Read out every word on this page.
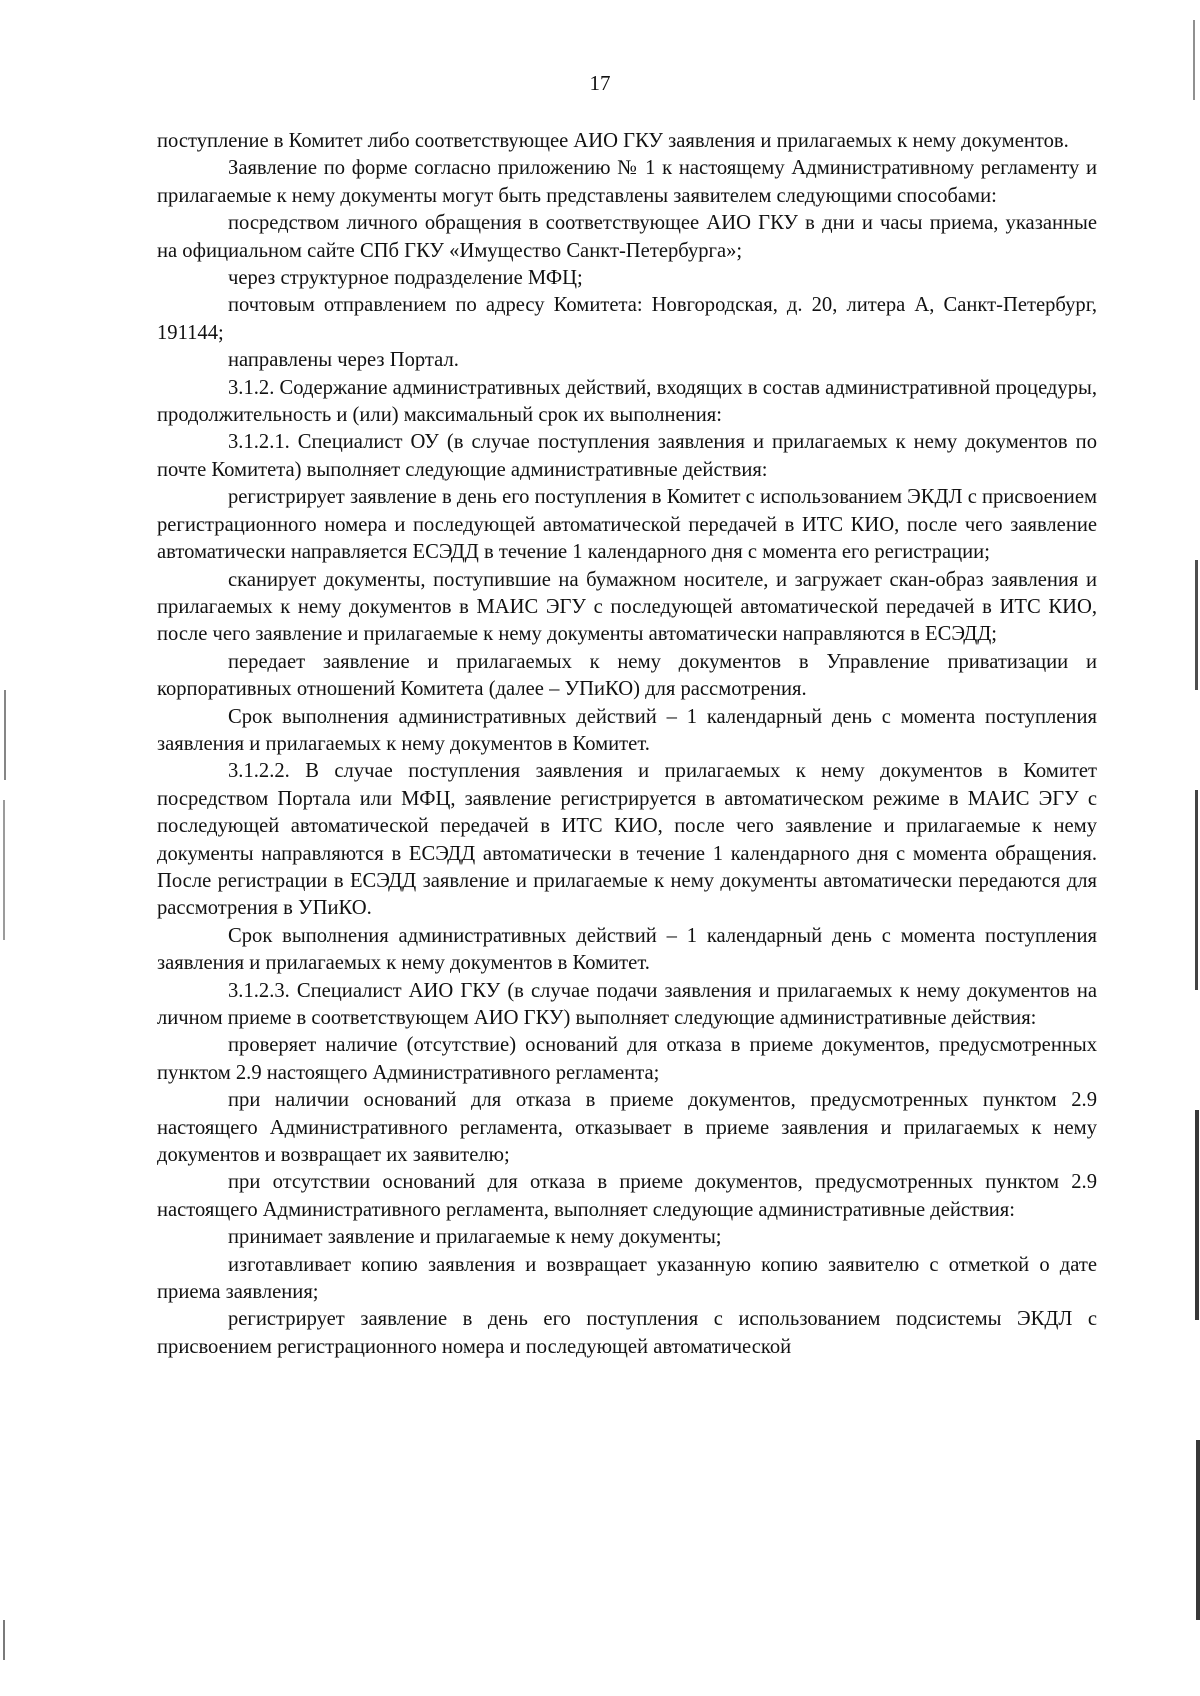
17

поступление в Комитет либо соответствующее АИО ГКУ заявления и прилагаемых к нему документов.

Заявление по форме согласно приложению № 1 к настоящему Административному регламенту и прилагаемые к нему документы могут быть представлены заявителем следующими способами:

посредством личного обращения в соответствующее АИО ГКУ в дни и часы приема, указанные на официальном сайте СПб ГКУ «Имущество Санкт-Петербурга»;

через структурное подразделение МФЦ;

почтовым отправлением по адресу Комитета: Новгородская, д. 20, литера А, Санкт-Петербург, 191144;

направлены через Портал.

3.1.2. Содержание административных действий, входящих в состав административной процедуры, продолжительность и (или) максимальный срок их выполнения:

3.1.2.1. Специалист ОУ (в случае поступления заявления и прилагаемых к нему документов по почте Комитета) выполняет следующие административные действия:

регистрирует заявление в день его поступления в Комитет с использованием ЭКДЛ с присвоением регистрационного номера и последующей автоматической передачей в ИТС КИО, после чего заявление автоматически направляется ЕСЭДД в течение 1 календарного дня с момента его регистрации;

сканирует документы, поступившие на бумажном носителе, и загружает скан-образ заявления и прилагаемых к нему документов в МАИС ЭГУ с последующей автоматической передачей в ИТС КИО, после чего заявление и прилагаемые к нему документы автоматически направляются в ЕСЭДД;

передает заявление и прилагаемых к нему документов в Управление приватизации и корпоративных отношений Комитета (далее – УПиКО) для рассмотрения.

Срок выполнения административных действий – 1 календарный день с момента поступления заявления и прилагаемых к нему документов в Комитет.

3.1.2.2. В случае поступления заявления и прилагаемых к нему документов в Комитет посредством Портала или МФЦ, заявление регистрируется в автоматическом режиме в МАИС ЭГУ с последующей автоматической передачей в ИТС КИО, после чего заявление и прилагаемые к нему документы направляются в ЕСЭДД автоматически в течение 1 календарного дня с момента обращения. После регистрации в ЕСЭДД заявление и прилагаемые к нему документы автоматически передаются для рассмотрения в УПиКО.

Срок выполнения административных действий – 1 календарный день с момента поступления заявления и прилагаемых к нему документов в Комитет.

3.1.2.3. Специалист АИО ГКУ (в случае подачи заявления и прилагаемых к нему документов на личном приеме в соответствующем АИО ГКУ) выполняет следующие административные действия:

проверяет наличие (отсутствие) оснований для отказа в приеме документов, предусмотренных пунктом 2.9 настоящего Административного регламента;

при наличии оснований для отказа в приеме документов, предусмотренных пунктом 2.9 настоящего Административного регламента, отказывает в приеме заявления и прилагаемых к нему документов и возвращает их заявителю;

при отсутствии оснований для отказа в приеме документов, предусмотренных пунктом 2.9 настоящего Административного регламента, выполняет следующие административные действия:

принимает заявление и прилагаемые к нему документы;

изготавливает копию заявления и возвращает указанную копию заявителю с отметкой о дате приема заявления;

регистрирует заявление в день его поступления с использованием подсистемы ЭКДЛ с присвоением регистрационного номера и последующей автоматической
